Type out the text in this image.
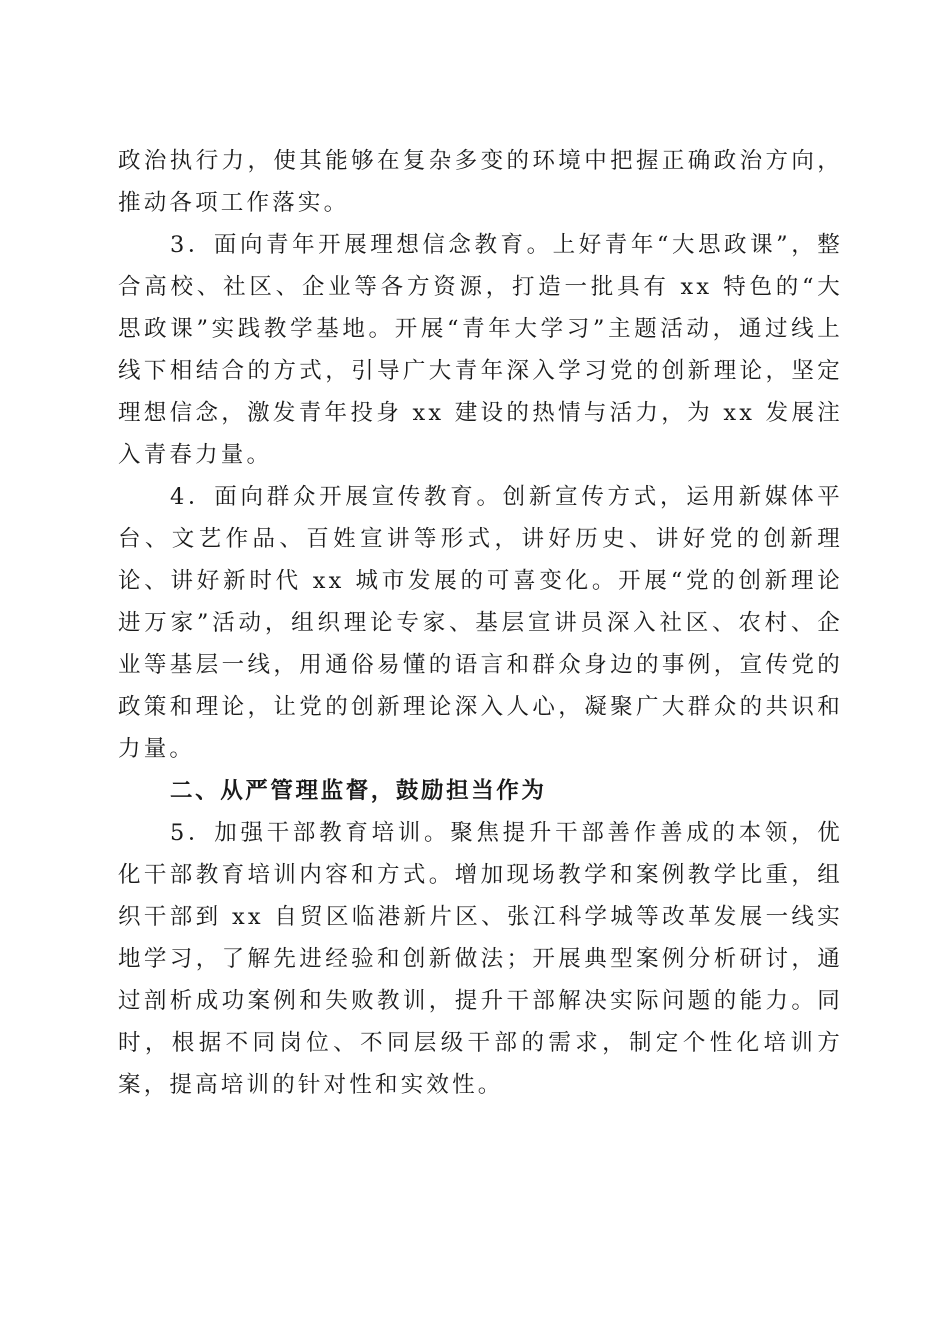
政治执行力，使其能够在复杂多变的环境中把握正确政治方向，推动各项工作落实。

3．面向青年开展理想信念教育。上好青年“大思政课”，整合高校、社区、企业等各方资源，打造一批具有 xx 特色的“大思政课”实践教学基地。开展“青年大学习”主题活动，通过线上线下相结合的方式，引导广大青年深入学习党的创新理论，坚定理想信念，激发青年投身 xx 建设的热情与活力，为 xx 发展注入青春力量。

4．面向群众开展宣传教育。创新宣传方式，运用新媒体平台、文艺作品、百姓宣讲等形式，讲好历史、讲好党的创新理论、讲好新时代 xx 城市发展的可喜变化。开展“党的创新理论进万家”活动，组织理论专家、基层宣讲员深入社区、农村、企业等基层一线，用通俗易懂的语言和群众身边的事例，宣传党的政策和理论，让党的创新理论深入人心，凝聚广大群众的共识和力量。

二、从严管理监督，鼓励担当作为

5．加强干部教育培训。聚焦提升干部善作善成的本领，优化干部教育培训内容和方式。增加现场教学和案例教学比重，组织干部到 xx 自贸区临港新片区、张江科学城等改革发展一线实地学习，了解先进经验和创新做法；开展典型案例分析研讨，通过剖析成功案例和失败教训，提升干部解决实际问题的能力。同时，根据不同岗位、不同层级干部的需求，制定个性化培训方案，提高培训的针对性和实效性。
